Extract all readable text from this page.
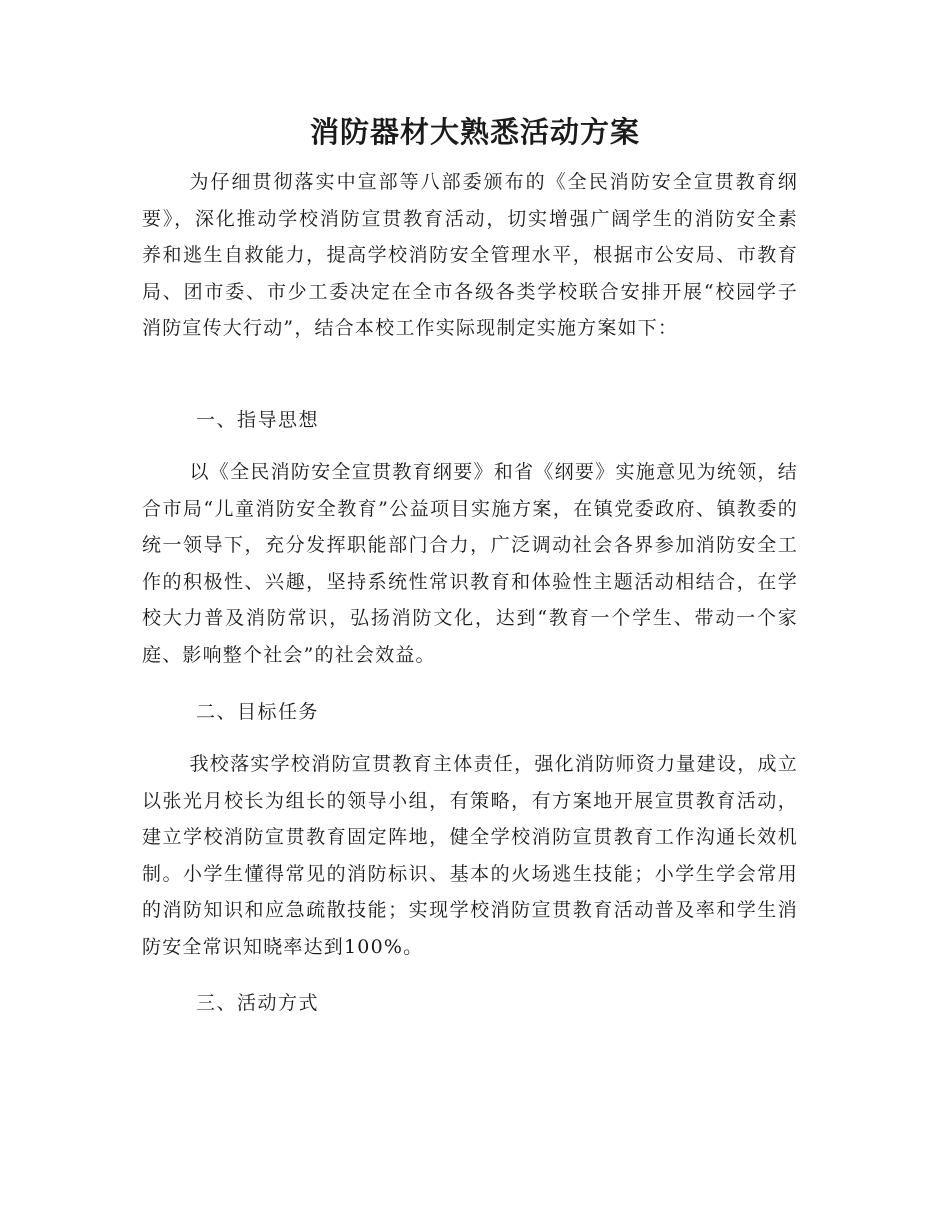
消防器材大熟悉活动方案

为仔细贯彻落实中宣部等八部委颁布的《全民消防安全宣贯教育纲要》，深化推动学校消防宣贯教育活动，切实增强广阔学生的消防安全素养和逃生自救能力，提高学校消防安全管理水平，根据市公安局、市教育局、团市委、市少工委决定在全市各级各类学校联合安排开展“校园学子消防宣传大行动”，结合本校工作实际现制定实施方案如下：

一、指导思想

以《全民消防安全宣贯教育纲要》和省《纲要》实施意见为统领，结合市局“儿童消防安全教育”公益项目实施方案，在镇党委政府、镇教委的统一领导下，充分发挥职能部门合力，广泛调动社会各界参加消防安全工作的积极性、兴趣，坚持系统性常识教育和体验性主题活动相结合，在学校大力普及消防常识，弘扬消防文化，达到“教育一个学生、带动一个家庭、影响整个社会”的社会效益。

二、目标任务

我校落实学校消防宣贯教育主体责任，强化消防师资力量建设，成立以张光月校长为组长的领导小组，有策略，有方案地开展宣贯教育活动，建立学校消防宣贯教育固定阵地，健全学校消防宣贯教育工作沟通长效机制。小学生懂得常见的消防标识、基本的火场逃生技能；小学生学会常用的消防知识和应急疏散技能；实现学校消防宣贯教育活动普及率和学生消防安全常识知晓率达到100%。

三、活动方式
